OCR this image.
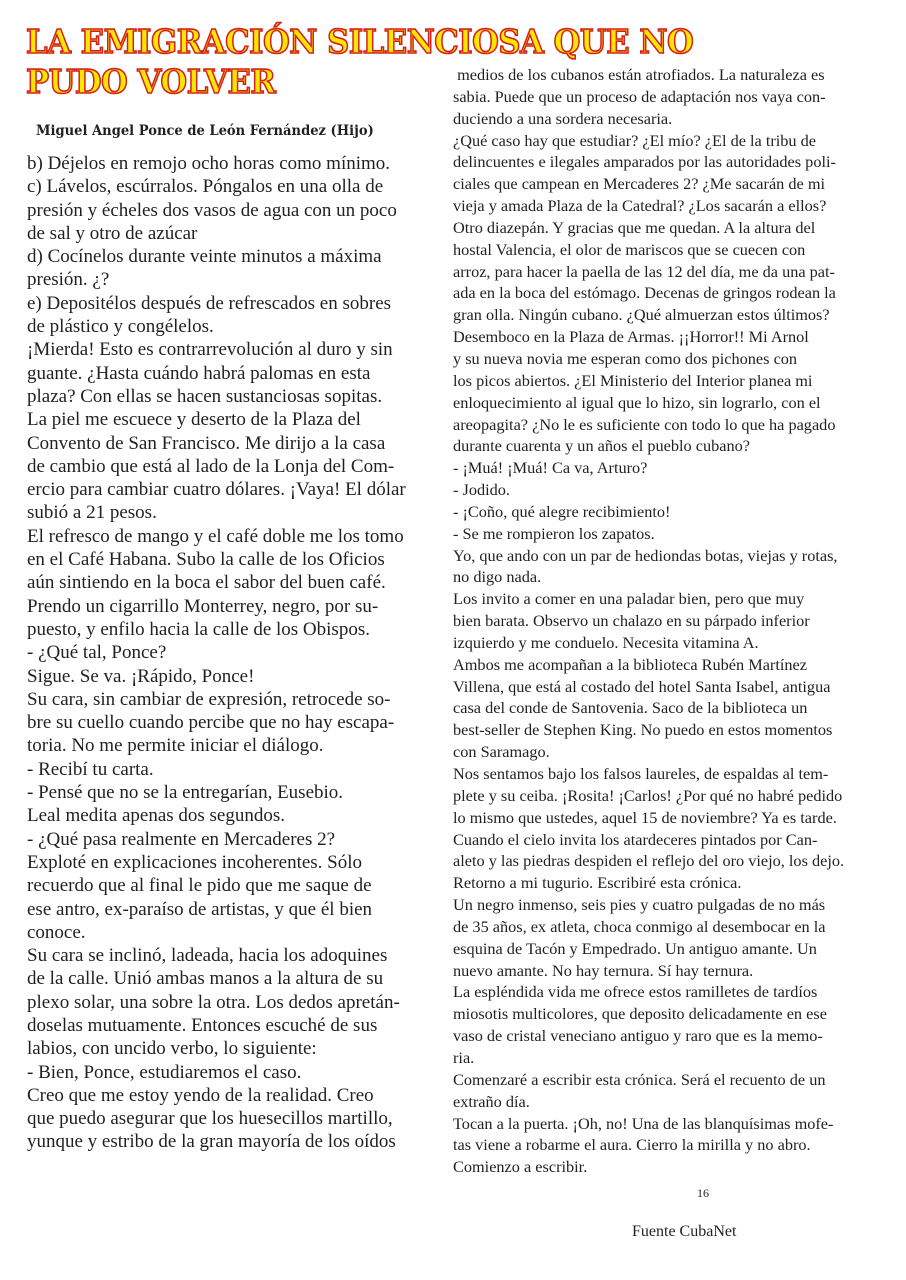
LA EMIGRACIÓN SILENCIOSA QUE NO
PUDO VOLVER
Miguel Angel Ponce de León Fernández (Hijo)
b) Déjelos en remojo ocho horas como mínimo.
c) Lávelos, escúrralos. Póngalos en una olla de
presión y écheles dos vasos de agua con un poco
de sal y otro de azúcar
d) Cocínelos durante veinte minutos a máxima
presión. ¿?
e) Depositélos después de refrescados en sobres
de plástico y congélelos.
¡Mierda! Esto es contrarrevolución al duro y sin
guante. ¿Hasta cuándo habrá palomas en esta
plaza? Con ellas se hacen sustanciosas sopitas.
La piel me escuece y deserto de la Plaza del
Convento de San Francisco. Me dirijo a la casa
de cambio que está al lado de la Lonja del Com-
ercio para cambiar cuatro dólares. ¡Vaya! El dólar
subió a 21 pesos.
El refresco de mango y el café doble me los tomo
en el Café Habana. Subo la calle de los Oficios
aún sintiendo en la boca el sabor del buen café.
Prendo un cigarrillo Monterrey, negro, por su-
puesto, y enfilo hacia la calle de los Obispos.
- ¿Qué tal, Ponce?
Sigue. Se va. ¡Rápido, Ponce!
Su cara, sin cambiar de expresión, retrocede so-
bre su cuello cuando percibe que no hay escapa-
toria. No me permite iniciar el diálogo.
- Recibí tu carta.
- Pensé que no se la entregarían, Eusebio.
Leal medita apenas dos segundos.
- ¿Qué pasa realmente en Mercaderes 2?
Exploté en explicaciones incoherentes. Sólo
recuerdo que al final le pido que me saque de
ese antro, ex-paraíso de artistas, y que él bien
conoce.
Su cara se inclinó, ladeada, hacia los adoquines
de la calle. Unió ambas manos a la altura de su
plexo solar, una sobre la otra. Los dedos apretán-
doselas mutuamente. Entonces escuché de sus
labios, con uncido verbo, lo siguiente:
- Bien, Ponce, estudiaremos el caso.
Creo que me estoy yendo de la realidad. Creo
que puedo asegurar que los huesecillos martillo,
yunque y estribo de la gran mayoría de los oídos
medios de los cubanos están atrofiados. La naturaleza es
sabia. Puede que un proceso de adaptación nos vaya con-
duciendo a una sordera necesaria.
¿Qué caso hay que estudiar? ¿El mío? ¿El de la tribu de
delincuentes e ilegales amparados por las autoridades poli-
ciales que campean en Mercaderes 2? ¿Me sacarán de mi
vieja y amada Plaza de la Catedral? ¿Los sacarán a ellos?
Otro diazepán. Y gracias que me quedan. A la altura del
hostal Valencia, el olor de mariscos que se cuecen con
arroz, para hacer la paella de las 12 del día, me da una pat-
ada en la boca del estómago. Decenas de gringos rodean la
gran olla. Ningún cubano. ¿Qué almuerzan estos últimos?
Desemboco en la Plaza de Armas. ¡¡Horror!! Mi Arnol
y su nueva novia me esperan como dos pichones con
los picos abiertos. ¿El Ministerio del Interior planea mi
enloquecimiento al igual que lo hizo, sin lograrlo, con el
areopagita? ¿No le es suficiente con todo lo que ha pagado
durante cuarenta y un años el pueblo cubano?
- ¡Muá! ¡Muá! Ca va, Arturo?
- Jodido.
- ¡Coño, qué alegre recibimiento!
- Se me rompieron los zapatos.
Yo, que ando con un par de hediondas botas, viejas y rotas,
no digo nada.
Los invito a comer en una paladar bien, pero que muy
bien barata. Observo un chalazo en su párpado inferior
izquierdo y me conduelo. Necesita vitamina A.
Ambos me acompañan a la biblioteca Rubén Martínez
Villena, que está al costado del hotel Santa Isabel, antigua
casa del conde de Santovenia. Saco de la biblioteca un
best-seller de Stephen King. No puedo en estos momentos
con Saramago.
Nos sentamos bajo los falsos laureles, de espaldas al tem-
plete y su ceiba. ¡Rosita! ¡Carlos! ¿Por qué no habré pedido
lo mismo que ustedes, aquel 15 de noviembre? Ya es tarde.
Cuando el cielo invita los atardeceres pintados por Can-
aleto y las piedras despiden el reflejo del oro viejo, los dejo.
Retorno a mi tugurio. Escribiré esta crónica.
Un negro inmenso, seis pies y cuatro pulgadas de no más
de 35 años, ex atleta, choca conmigo al desembocar en la
esquina de Tacón y Empedrado. Un antiguo amante. Un
nuevo amante. No hay ternura. Sí hay ternura.
La espléndida vida me ofrece estos ramilletes de tardíos
miosotis multicolores, que deposito delicadamente en ese
vaso de cristal veneciano antiguo y raro que es la memo-
ria.
Comenzaré a escribir esta crónica. Será el recuento de un
extraño día.
Tocan a la puerta. ¡Oh, no! Una de las blanquísimas mofe-
tas viene a robarme el aura. Cierro la mirilla y no abro.
Comienzo a escribir.
16
Fuente CubaNet
